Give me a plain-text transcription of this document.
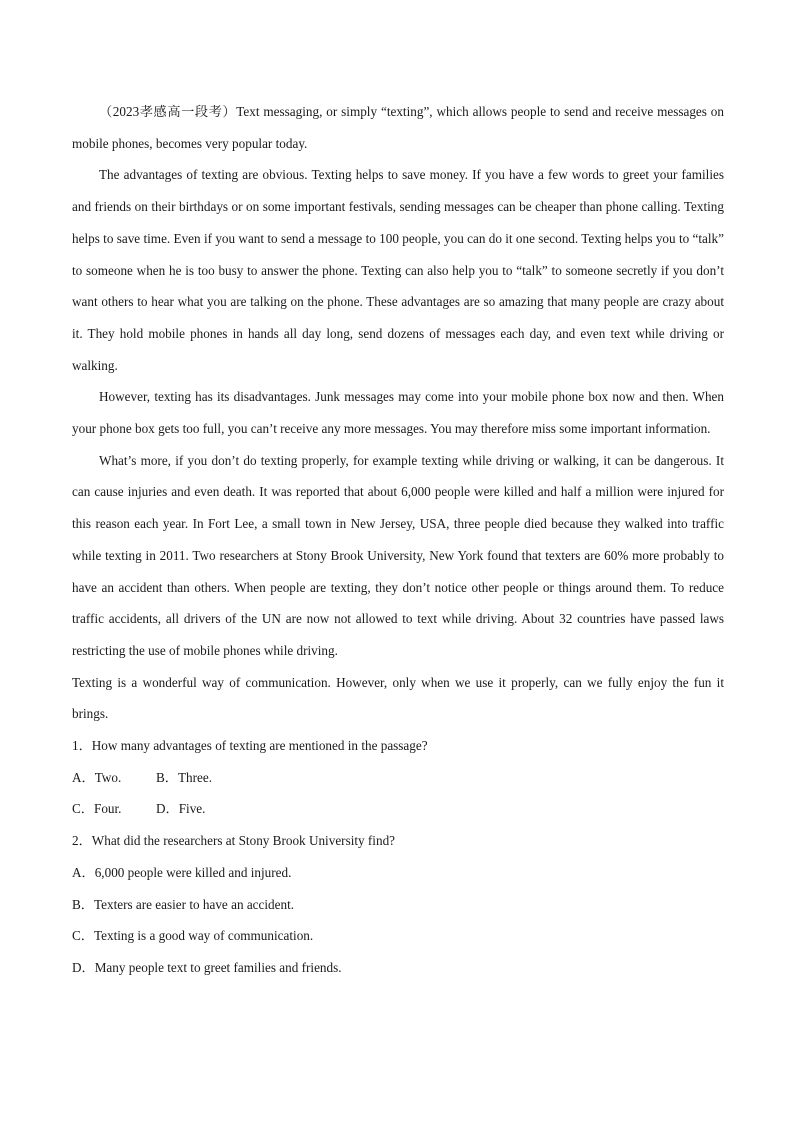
（2023孝感高一段考）Text messaging, or simply “texting”, which allows people to send and receive messages on mobile phones, becomes very popular today.

The advantages of texting are obvious. Texting helps to save money. If you have a few words to greet your families and friends on their birthdays or on some important festivals, sending messages can be cheaper than phone calling. Texting helps to save time. Even if you want to send a message to 100 people, you can do it one second. Texting helps you to “talk” to someone when he is too busy to answer the phone. Texting can also help you to “talk” to someone secretly if you don’t want others to hear what you are talking on the phone. These advantages are so amazing that many people are crazy about it. They hold mobile phones in hands all day long, send dozens of messages each day, and even text while driving or walking.

However, texting has its disadvantages. Junk messages may come into your mobile phone box now and then. When your phone box gets too full, you can’t receive any more messages. You may therefore miss some important information.

What’s more, if you don’t do texting properly, for example texting while driving or walking, it can be dangerous. It can cause injuries and even death. It was reported that about 6,000 people were killed and half a million were injured for this reason each year. In Fort Lee, a small town in New Jersey, USA, three people died because they walked into traffic while texting in 2011. Two researchers at Stony Brook University, New York found that texters are 60% more probably to have an accident than others. When people are texting, they don’t notice other people or things around them. To reduce traffic accidents, all drivers of the UN are now not allowed to text while driving. About 32 countries have passed laws restricting the use of mobile phones while driving.

Texting is a wonderful way of communication. However, only when we use it properly, can we fully enjoy the fun it brings.

1．How many advantages of texting are mentioned in the passage?

A．Two.	B．Three.
C．Four.	D．Five.

2．What did the researchers at Stony Brook University find?

A．6,000 people were killed and injured.

B．Texters are easier to have an accident.

C．Texting is a good way of communication.

D．Many people text to greet families and friends.
